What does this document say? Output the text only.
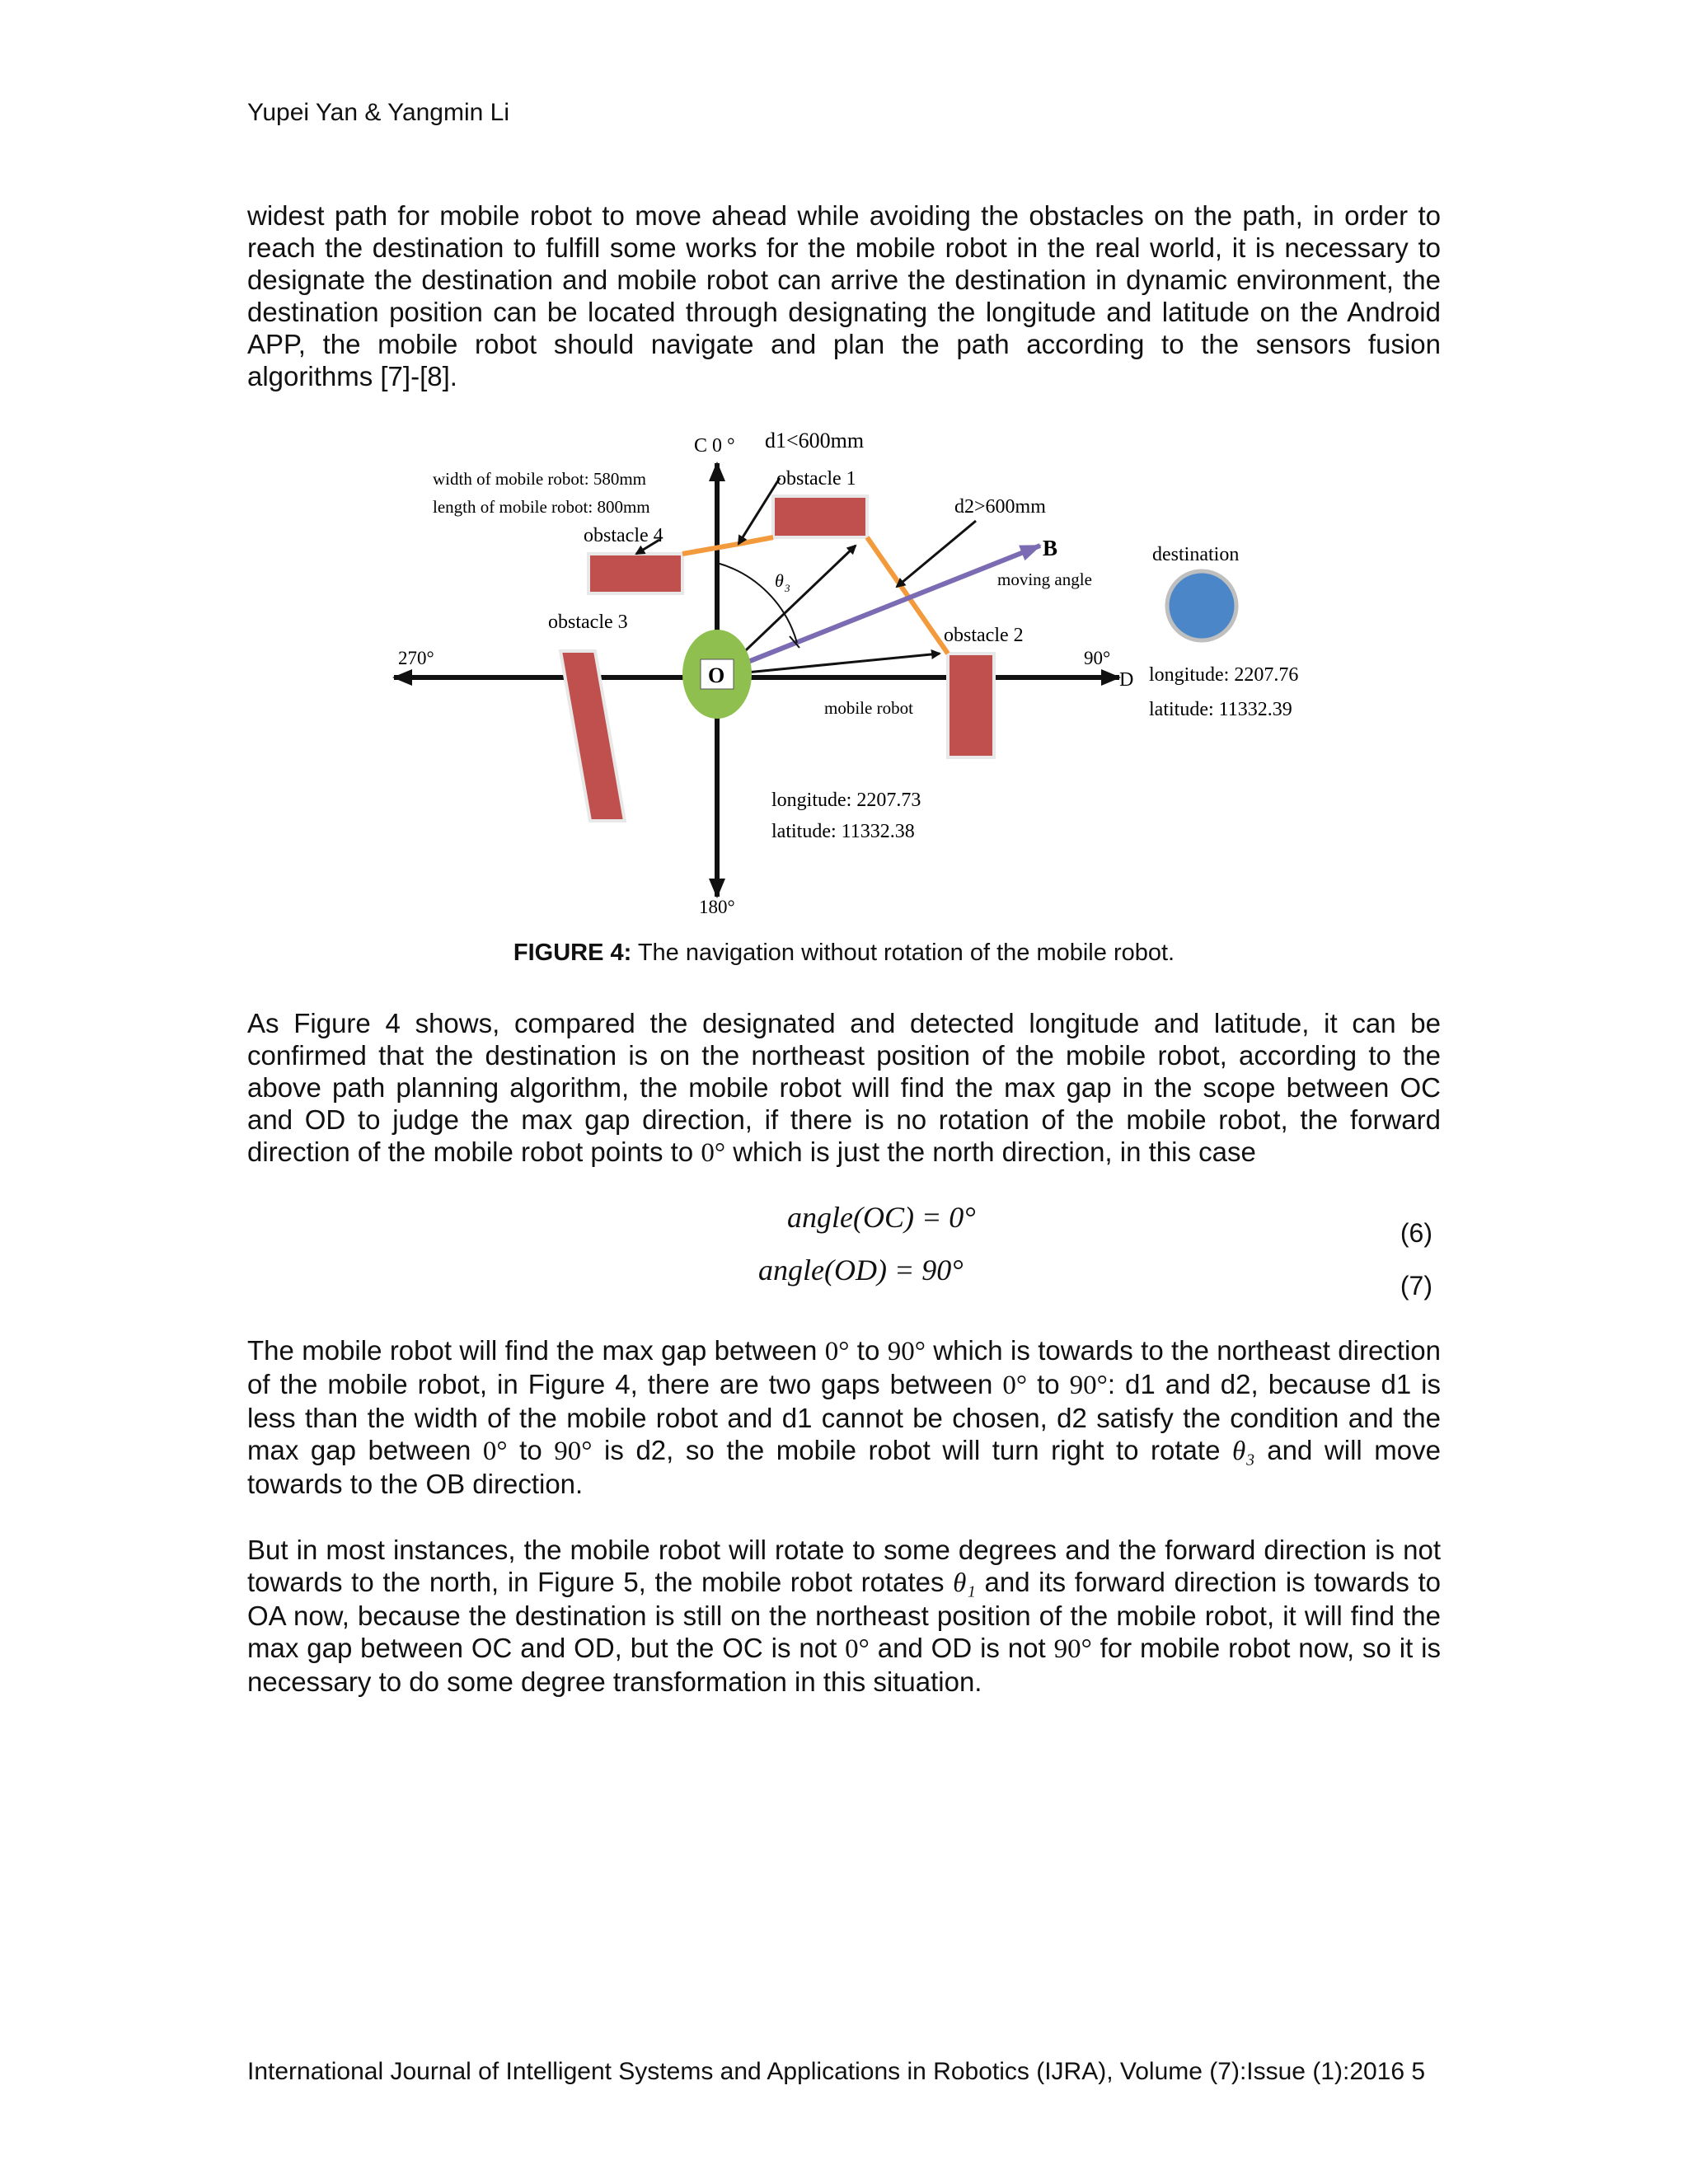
Yupei Yan & Yangmin Li

widest path for mobile robot to move ahead while avoiding the obstacles on the path, in order to reach the destination to fulfill some works for the mobile robot in the real world, it is necessary to designate the destination and mobile robot can arrive the destination in dynamic environment, the destination position can be located through designating the longitude and latitude on the Android APP, the mobile robot should navigate and plan the path according to the sensors fusion algorithms [7]-[8].

C 0 ° d1<600mm
width of mobile robot: 580mm
length of mobile robot: 800mm
obstacle 1
obstacle 4
d2>600mm
B
moving angle
destination
θ 3
obstacle 3
obstacle 2
270°
O
90°
D longitude: 2207.76
latitude: 11332.39
mobile robot
longitude: 2207.73
latitude: 11332.38
180°
FIGURE 4: The navigation without rotation of the mobile robot.

As Figure 4 shows, compared the designated and detected longitude and latitude, it can be confirmed that the destination is on the northeast position of the mobile robot, according to the above path planning algorithm, the mobile robot will find the max gap in the scope between OC and OD to judge the max gap direction, if there is no rotation of the mobile robot, the forward direction of the mobile robot points to 0° which is just the north direction, in this case

angle(OC) = 0°	(6)
angle(OD) = 90°	(7)

The mobile robot will find the max gap between 0° to 90° which is towards to the northeast direction of the mobile robot, in Figure 4, there are two gaps between 0° to 90°: d1 and d2, because d1 is less than the width of the mobile robot and d1 cannot be chosen, d2 satisfy the condition and the max gap between 0° to 90° is d2, so the mobile robot will turn right to rotate θ₃ and will move towards to the OB direction.

But in most instances, the mobile robot will rotate to some degrees and the forward direction is not towards to the north, in Figure 5, the mobile robot rotates θ₁ and its forward direction is towards to OA now, because the destination is still on the northeast position of the mobile robot, it will find the max gap between OC and OD, but the OC is not 0° and OD is not 90° for mobile robot now, so it is necessary to do some degree transformation in this situation.

International Journal of Intelligent Systems and Applications in Robotics (IJRA), Volume (7):Issue (1):2016 5
